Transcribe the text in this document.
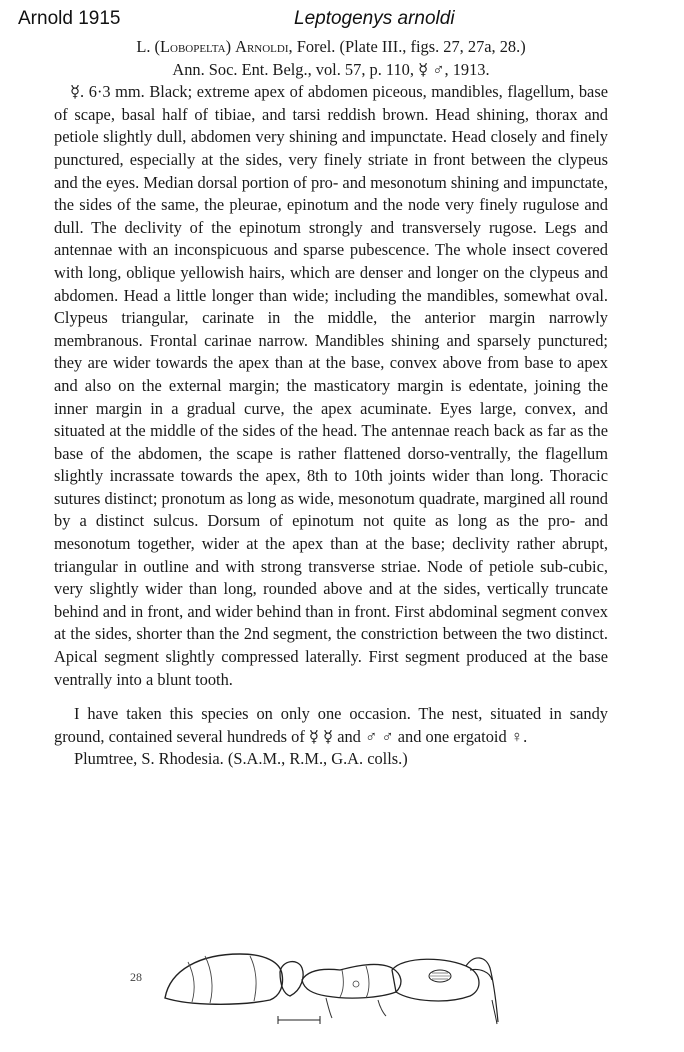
Arnold 1915	Leptogenys arnoldi

L. (Lobopelta) Arnoldi, Forel. (Plate III., figs. 27, 27a, 28.)

Ann. Soc. Ent. Belg., vol. 57, p. 110, ☿ ♂, 1913.

☿. 6·3 mm. Black; extreme apex of abdomen piceous, mandibles, flagellum, base of scape, basal half of tibiae, and tarsi reddish brown. Head shining, thorax and petiole slightly dull, abdomen very shining and impunctate. Head closely and finely punctured, especially at the sides, very finely striate in front between the clypeus and the eyes. Median dorsal portion of pro- and mesonotum shining and impunctate, the sides of the same, the pleurae, epinotum and the node very finely rugulose and dull. The declivity of the epinotum strongly and transversely rugose. Legs and antennae with an inconspicuous and sparse pubescence. The whole insect covered with long, oblique yellowish hairs, which are denser and longer on the clypeus and abdomen. Head a little longer than wide; including the mandibles, somewhat oval. Clypeus triangular, carinate in the middle, the anterior margin narrowly membranous. Frontal carinae narrow. Mandibles shining and sparsely punctured; they are wider towards the apex than at the base, convex above from base to apex and also on the external margin; the masticatory margin is edentate, joining the inner margin in a gradual curve, the apex acuminate. Eyes large, convex, and situated at the middle of the sides of the head. The antennae reach back as far as the base of the abdomen, the scape is rather flattened dorso-ventrally, the flagellum slightly incrassate towards the apex, 8th to 10th joints wider than long. Thoracic sutures distinct; pronotum as long as wide, mesonotum quadrate, margined all round by a distinct sulcus. Dorsum of epinotum not quite as long as the pro- and mesonotum together, wider at the apex than at the base; declivity rather abrupt, triangular in outline and with strong transverse striae. Node of petiole sub-cubic, very slightly wider than long, rounded above and at the sides, vertically truncate behind and in front, and wider behind than in front. First abdominal segment convex at the sides, shorter than the 2nd segment, the constriction between the two distinct. Apical segment slightly compressed laterally. First segment produced at the base ventrally into a blunt tooth.

I have taken this species on only one occasion. The nest, situated in sandy ground, contained several hundreds of ☿ ☿ and ♂ ♂ and one ergatoid ♀.

Plumtree, S. Rhodesia. (S.A.M., R.M., G.A. colls.)

28
